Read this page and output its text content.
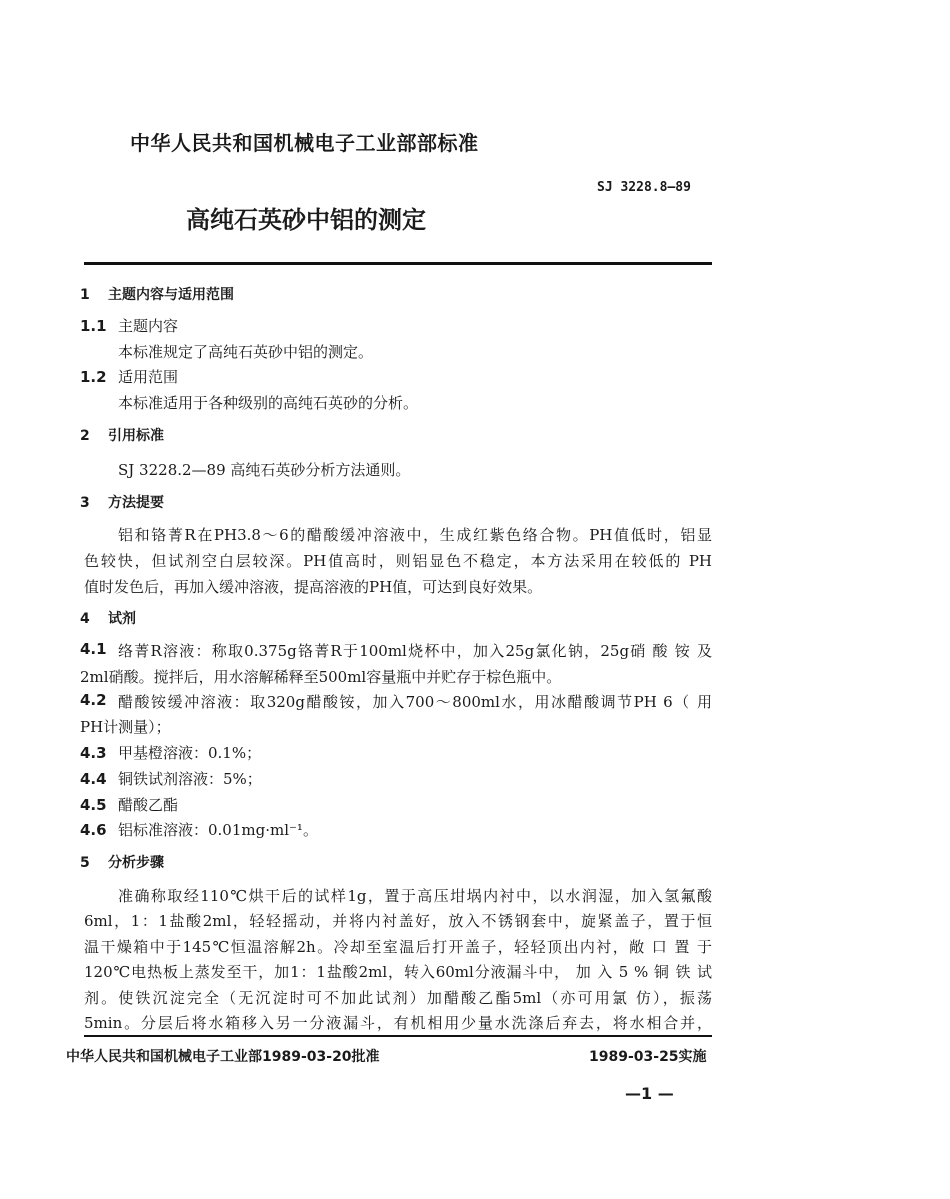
中华人民共和国机械电子工业部部标准
SJ 3228.8—89
高纯石英砂中铝的测定
1 主题内容与适用范围
1.1 主题内容
本标准规定了高纯石英砂中铝的测定。
1.2 适用范围
本标准适用于各种级别的高纯石英砂的分析。
2 引用标准
SJ 3228.2—89 高纯石英砂分析方法通则。
3 方法提要
铝和铬菁R在PH3.8～6的醋酸缓冲溶液中，生成红紫色络合物。PH值低时，铝显
色较快，但试剂空白层较深。PH值高时，则铝显色不稳定，本方法采用在较低的 PH
值时发色后，再加入缓冲溶液，提高溶液的PH值，可达到良好效果。
4 试剂
4.1 络菁R溶液：称取0.375g铬菁R于100ml烧杯中，加入25g氯化钠，25g硝 酸 铵 及
2ml硝酸。搅拌后，用水溶解稀释至500ml容量瓶中并贮存于棕色瓶中。
4.2 醋酸铵缓冲溶液：取320g醋酸铵，加入700～800ml水，用冰醋酸调节PH 6（ 用
PH计测量）；
4.3 甲基橙溶液：0.1%；
4.4 铜铁试剂溶液：5%；
4.5 醋酸乙酯
4.6 铝标准溶液：0.01mg·ml⁻¹。
5 分析步骤
准确称取经110℃烘干后的试样1g，置于高压坩埚内衬中，以水润湿，加入氢氟酸
6ml，1：1盐酸2ml，轻轻摇动，并将内衬盖好，放入不锈钢套中，旋紧盖子，置于恒
温干燥箱中于145℃恒温溶解2h。冷却至室温后打开盖子，轻轻顶出内衬，敞 口 置 于
120℃电热板上蒸发至干，加1：1盐酸2ml，转入60ml分液漏斗中， 加 入 5 % 铜 铁 试
剂。使铁沉淀完全（无沉淀时可不加此试剂）加醋酸乙酯5ml（亦可用氯 仿），振荡
5min。分层后将水箱移入另一分液漏斗，有机相用少量水洗涤后弃去，将水相合并，
中华人民共和国机械电子工业部1989-03-20批准	1989-03-25实施
—1 —
